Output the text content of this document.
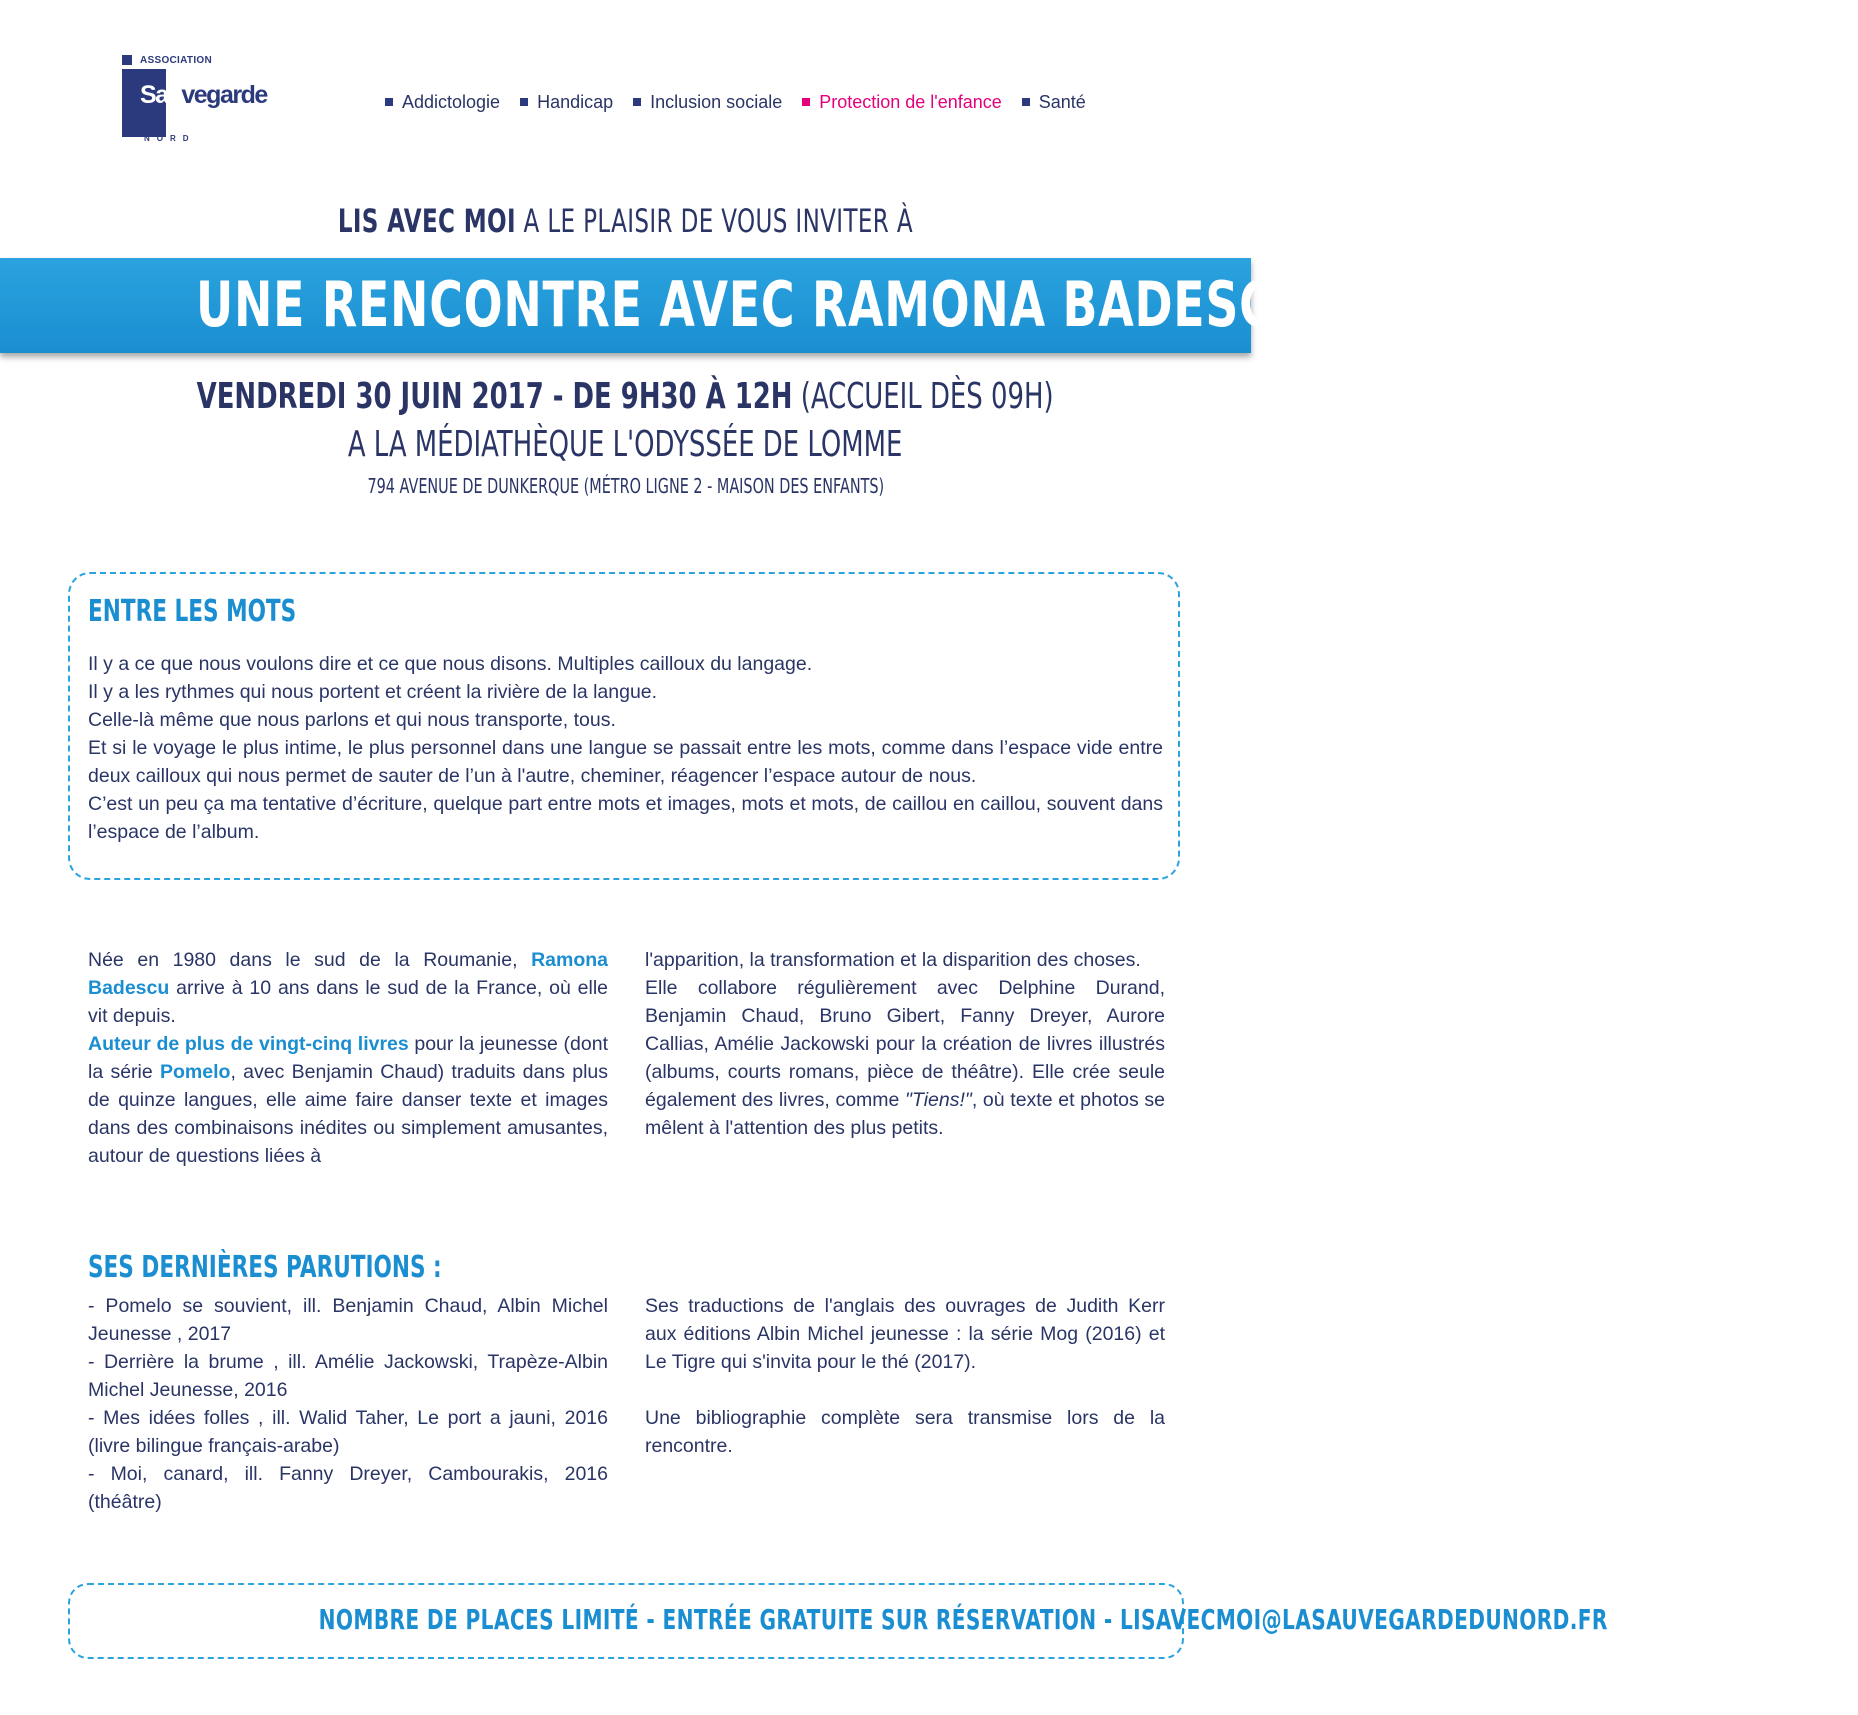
ASSOCIATION
Sauvegarde
NORD
Addictologie Handicap Inclusion sociale Protection de l'enfance Santé
LIS AVEC MOI A LE PLAISIR DE VOUS INVITER À
UNE RENCONTRE AVEC RAMONA BADESCU
VENDREDI 30 JUIN 2017 - DE 9H30 À 12H (ACCUEIL DÈS 09H)
A LA MÉDIATHÈQUE L'ODYSSÉE DE LOMME
794 AVENUE DE DUNKERQUE (MÉTRO LIGNE 2 - MAISON DES ENFANTS)
ENTRE LES MOTS

Il y a ce que nous voulons dire et ce que nous disons. Multiples cailloux du langage.

Il y a les rythmes qui nous portent et créent la rivière de la langue.

Celle-là même que nous parlons et qui nous transporte, tous.

Et si le voyage le plus intime, le plus personnel dans une langue se passait entre les mots, comme dans l’espace vide entre deux cailloux qui nous permet de sauter de l’un à l'autre, cheminer, réagencer l’espace autour de nous.

C’est un peu ça ma tentative d’écriture, quelque part entre mots et images, mots et mots, de caillou en caillou, souvent dans l’espace de l’album.

Née en 1980 dans le sud de la Roumanie, Ramona Badescu arrive à 10 ans dans le sud de la France, où elle vit depuis.

Auteur de plus de vingt-cinq livres pour la jeunesse (dont la série Pomelo, avec Benjamin Chaud) traduits dans plus de quinze langues, elle aime faire danser texte et images dans des combinaisons inédites ou simplement amusantes, autour de questions liées à

l'apparition, la transformation et la disparition des choses.

Elle collabore régulièrement avec Delphine Durand, Benjamin Chaud, Bruno Gibert, Fanny Dreyer, Aurore Callias, Amélie Jackowski pour la création de livres illustrés (albums, courts romans, pièce de théâtre). Elle crée seule également des livres, comme "Tiens!", où texte et photos se mêlent à l'attention des plus petits.

SES DERNIÈRES PARUTIONS :

- Pomelo se souvient, ill. Benjamin Chaud, Albin Michel Jeunesse , 2017

- Derrière la brume , ill. Amélie Jackowski, Trapèze-Albin Michel Jeunesse, 2016

- Mes idées folles , ill. Walid Taher, Le port a jauni, 2016 (livre bilingue français-arabe)

- Moi, canard, ill. Fanny Dreyer, Cambourakis, 2016 (théâtre)

Ses traductions de l'anglais des ouvrages de Judith Kerr aux éditions Albin Michel jeunesse : la série Mog (2016) et Le Tigre qui s'invita pour le thé (2017).

Une bibliographie complète sera transmise lors de la rencontre.

NOMBRE DE PLACES LIMITÉ - ENTRÉE GRATUITE SUR RÉSERVATION - LISAVECMOI@LASAUVEGARDEDUNORD.FR
